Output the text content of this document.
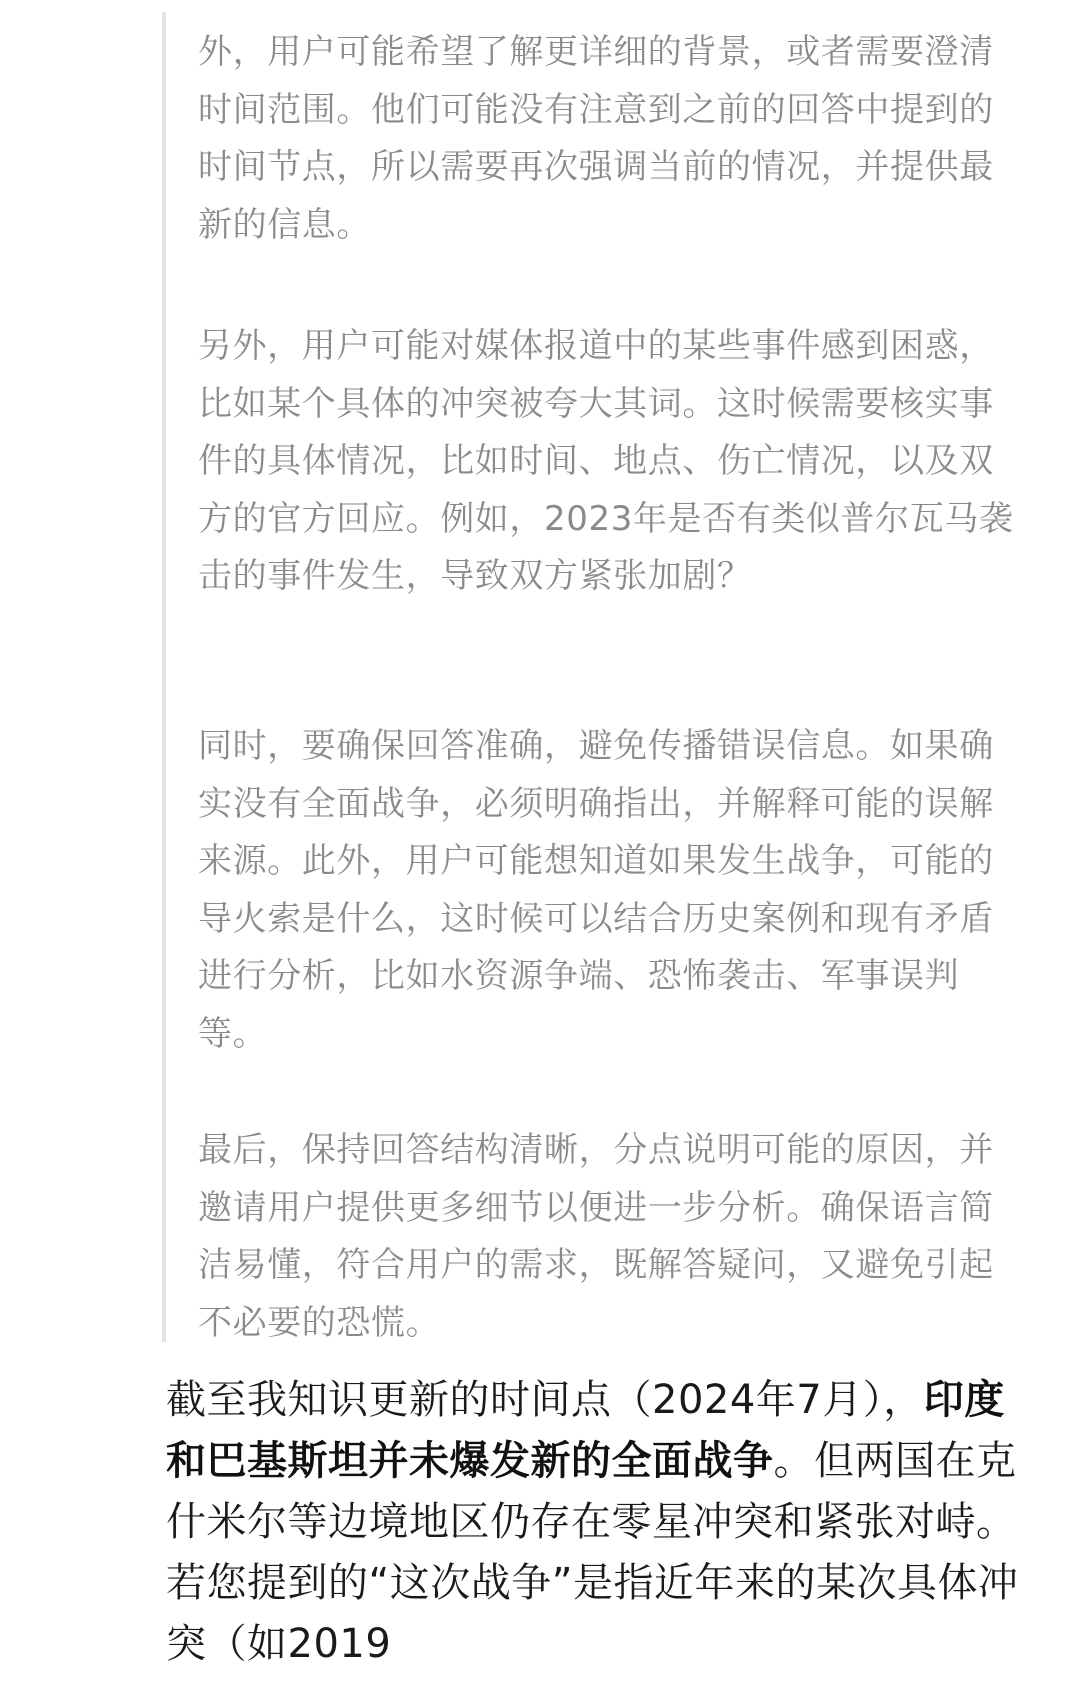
外，用户可能希望了解更详细的背景，或者需要澄清时间范围。他们可能没有注意到之前的回答中提到的时间节点，所以需要再次强调当前的情况，并提供最新的信息。

另外，用户可能对媒体报道中的某些事件感到困惑，比如某个具体的冲突被夸大其词。这时候需要核实事件的具体情况，比如时间、地点、伤亡情况，以及双方的官方回应。例如，2023年是否有类似普尔瓦马袭击的事件发生，导致双方紧张加剧？

同时，要确保回答准确，避免传播错误信息。如果确实没有全面战争，必须明确指出，并解释可能的误解来源。此外，用户可能想知道如果发生战争，可能的导火索是什么，这时候可以结合历史案例和现有矛盾进行分析，比如水资源争端、恐怖袭击、军事误判等。

最后，保持回答结构清晰，分点说明可能的原因，并邀请用户提供更多细节以便进一步分析。确保语言简洁易懂，符合用户的需求，既解答疑问，又避免引起不必要的恐慌。

截至我知识更新的时间点（2024年7月），印度和巴基斯坦并未爆发新的全面战争。但两国在克什米尔等边境地区仍存在零星冲突和紧张对峙。若您提到的“这次战争”是指近年来的某次具体冲突（如2019
